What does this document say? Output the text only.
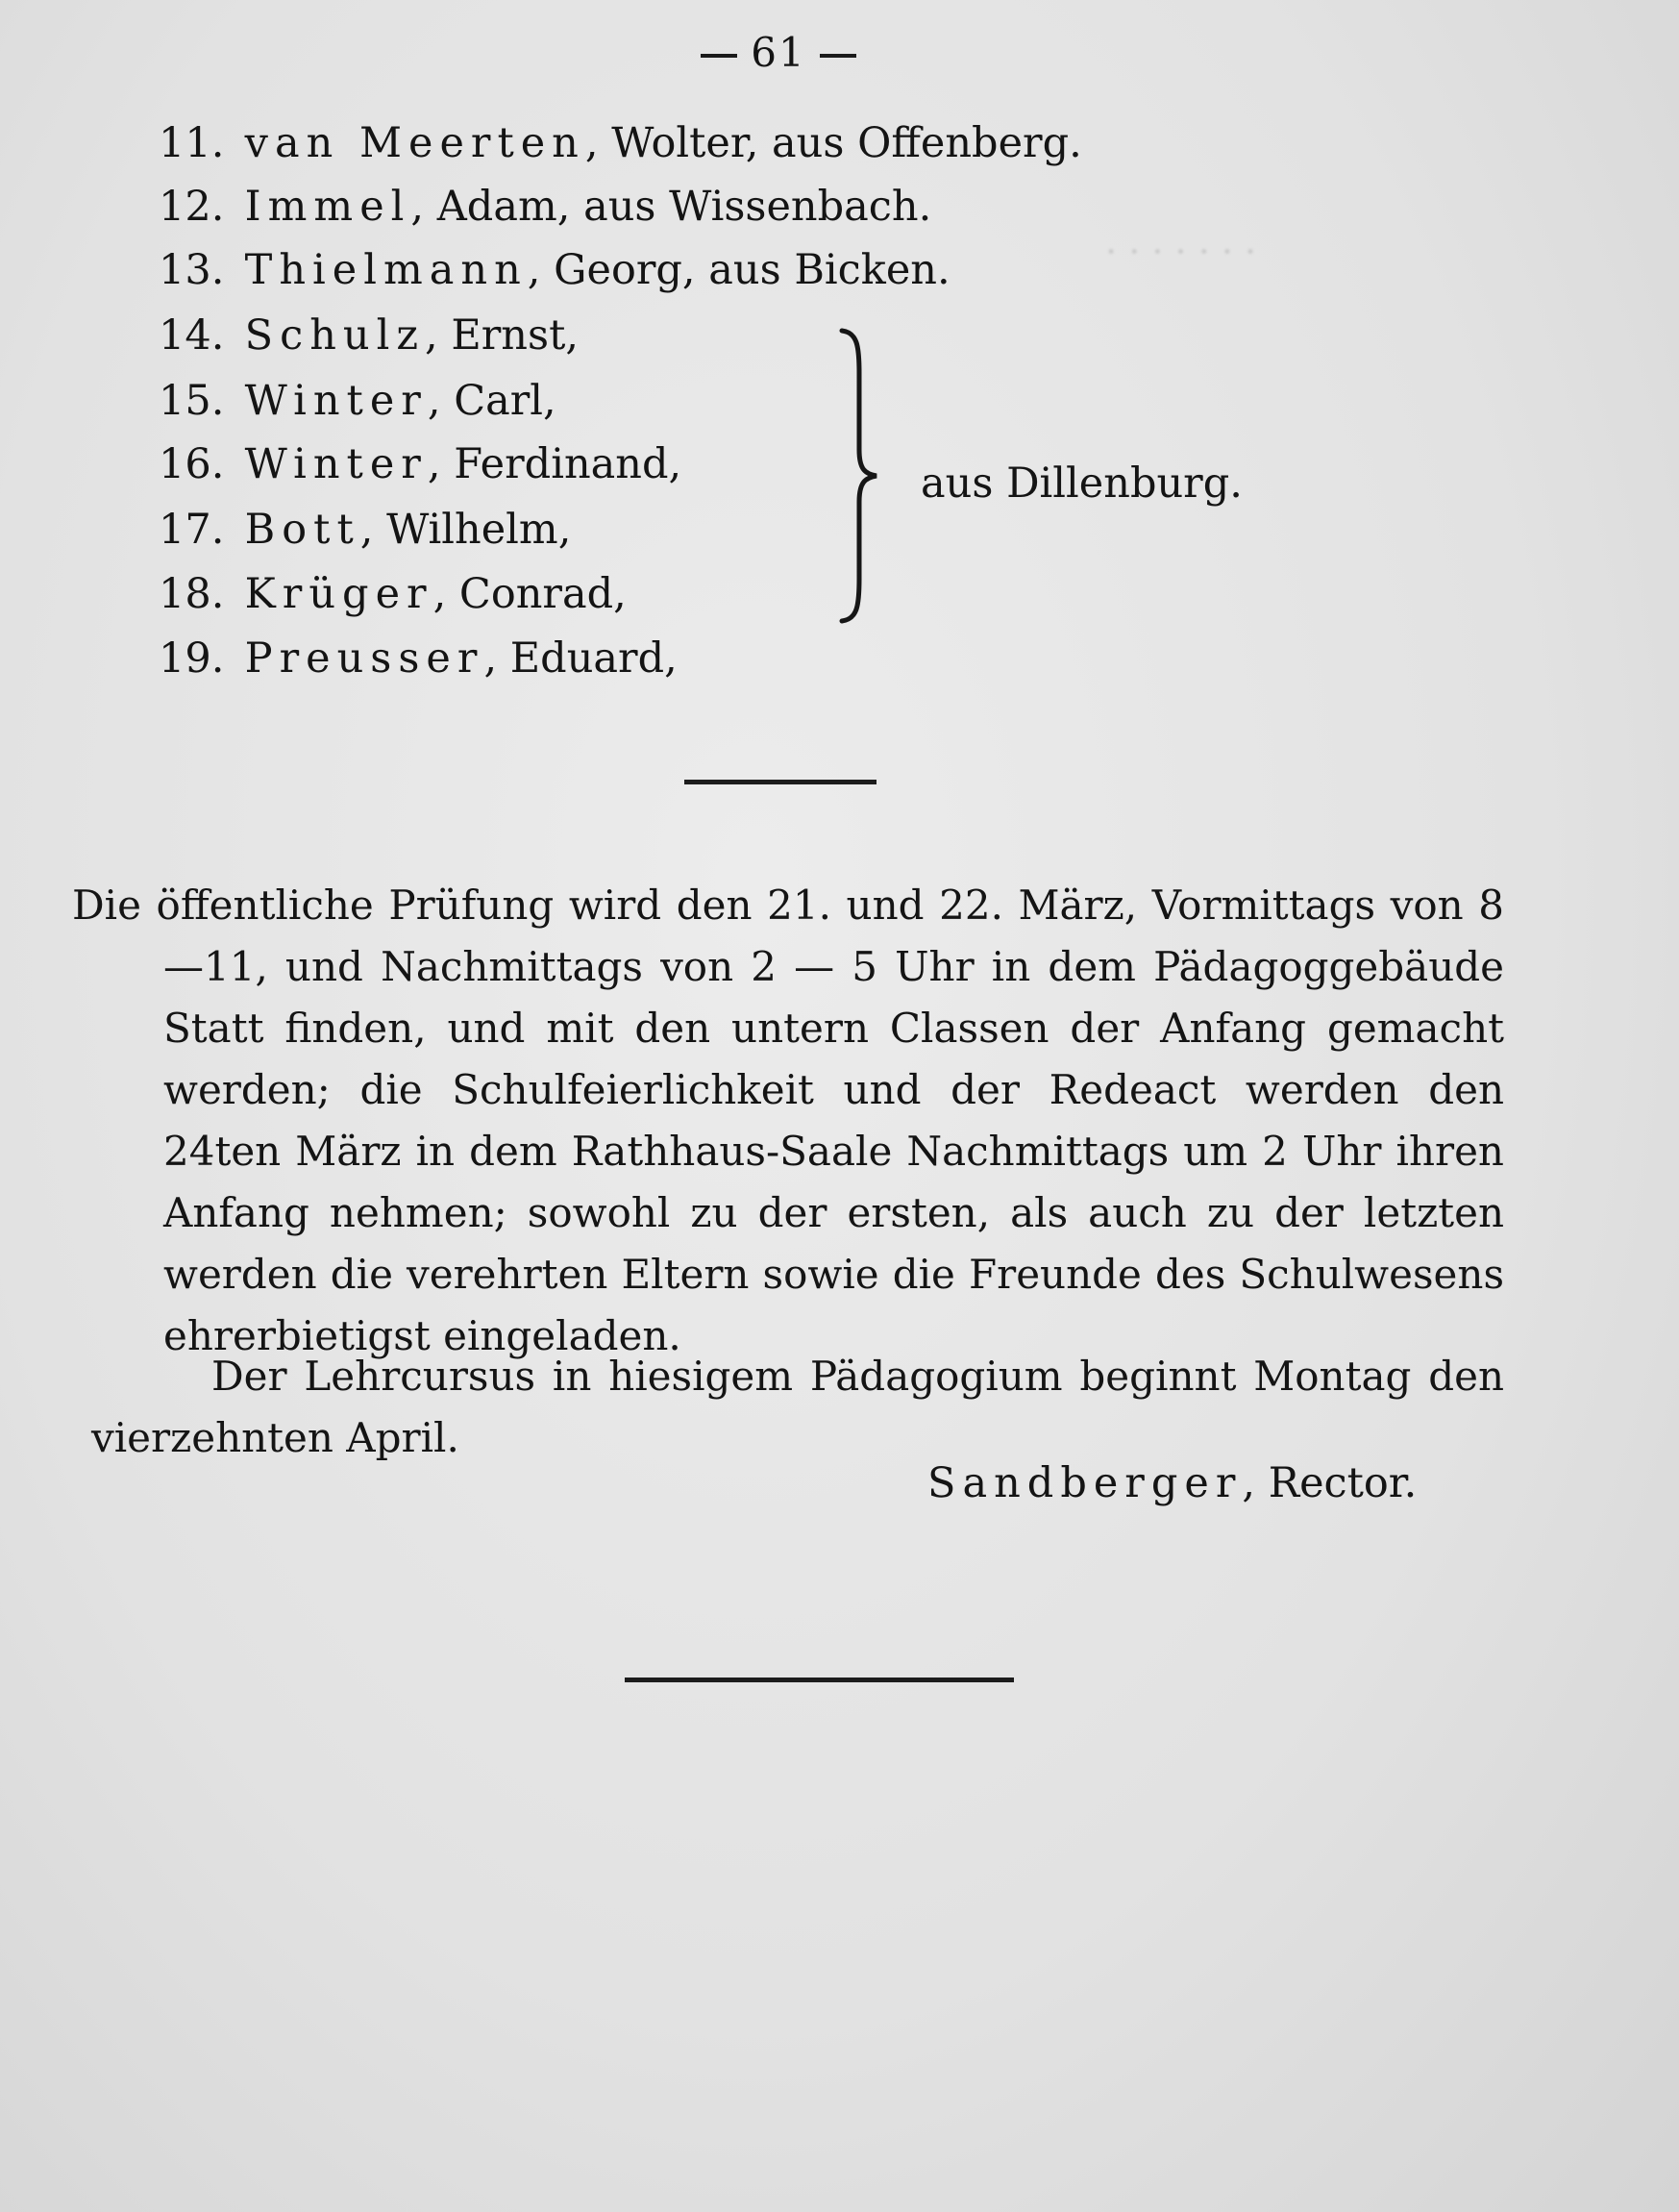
· · · · · · ·
61
11. van Meerten, Wolter, aus Offenberg.
12. Immel, Adam, aus Wissenbach.
13. Thielmann, Georg, aus Bicken.
14. Schulz, Ernst,
15. Winter, Carl,
16. Winter, Ferdinand,
17. Bott, Wilhelm,
18. Krüger, Conrad,
19. Preusser, Eduard,
aus Dillenburg.

Die öffentliche Prüfung wird den 21. und 22. März, Vormittags von 8—11, und Nachmittags von 2 — 5 Uhr in dem Pädagoggebäude Statt finden, und mit den untern Classen der Anfang gemacht werden; die Schulfeierlichkeit und der Redeact werden den 24ten März in dem Rathhaus-Saale Nachmittags um 2 Uhr ihren Anfang nehmen; sowohl zu der ersten, als auch zu der letzten werden die verehrten Eltern sowie die Freunde des Schulwesens ehrerbietigst eingeladen.

Der Lehrcursus in hiesigem Pädagogium beginnt Montag den vierzehnten April.

Sandberger, Rector.
